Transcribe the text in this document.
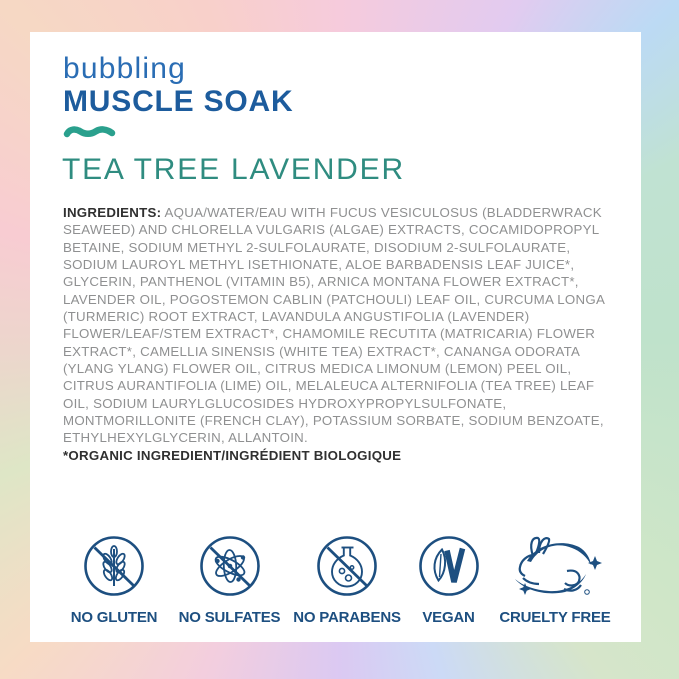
bubbling
MUSCLE SOAK
TEA TREE LAVENDER
INGREDIENTS: AQUA/WATER/EAU WITH FUCUS VESICULOSUS (BLADDERWRACK SEAWEED) AND CHLORELLA VULGARIS (ALGAE) EXTRACTS, COCAMIDOPROPYL BETAINE, SODIUM METHYL 2-SULFOLAURATE, DISODIUM 2-SULFOLAURATE, SODIUM LAUROYL METHYL ISETHIONATE, ALOE BARBADENSIS LEAF JUICE*, GLYCERIN, PANTHENOL (VITAMIN B5), ARNICA MONTANA FLOWER EXTRACT*, LAVENDER OIL, POGOSTEMON CABLIN (PATCHOULI) LEAF OIL, CURCUMA LONGA (TURMERIC) ROOT EXTRACT, LAVANDULA ANGUSTIFOLIA (LAVENDER) FLOWER/LEAF/STEM EXTRACT*, CHAMOMILE RECUTITA (MATRICARIA) FLOWER EXTRACT*, CAMELLIA SINENSIS (WHITE TEA) EXTRACT*, CANANGA ODORATA (YLANG YLANG) FLOWER OIL, CITRUS MEDICA LIMONUM (LEMON) PEEL OIL, CITRUS AURANTIFOLIA (LIME) OIL, MELALEUCA ALTERNIFOLIA (TEA TREE) LEAF OIL, SODIUM LAURYLGLUCOSIDES HYDROXYPROPYLSULFONATE, MONTMORILLONITE (FRENCH CLAY), POTASSIUM SORBATE, SODIUM BENZOATE, ETHYLHEXYLGLYCERIN, ALLANTOIN.
*ORGANIC INGREDIENT/INGRÉDIENT BIOLOGIQUE
NO GLUTEN NO SULFATES NO PARABENS VEGAN CRUELTY FREE
